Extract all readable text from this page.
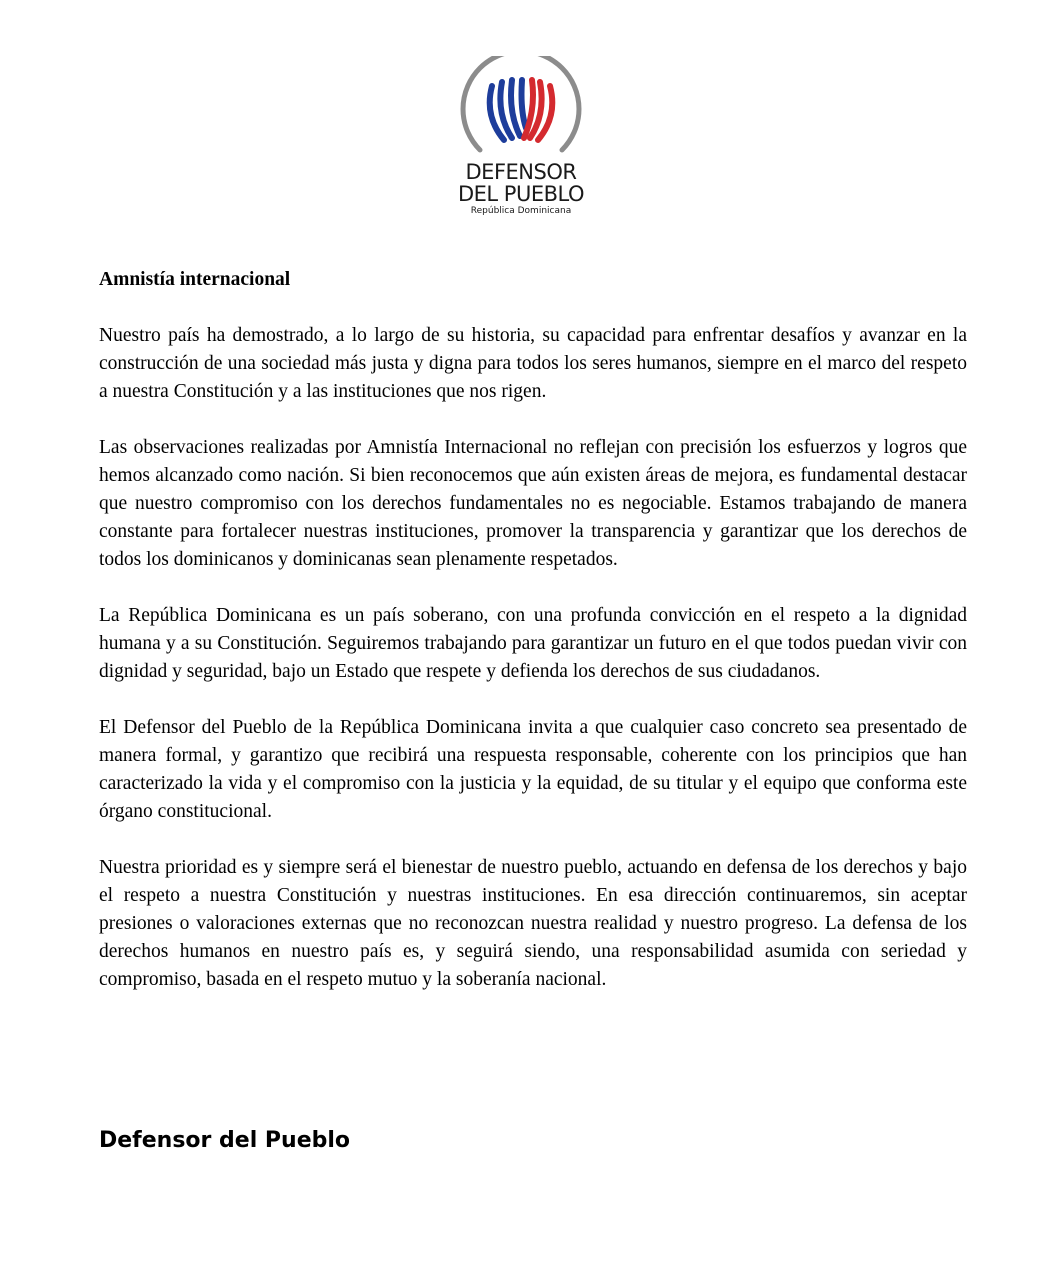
DEFENSOR
DEL PUEBLO
República Dominicana
Amnistía internacional
Nuestro país ha demostrado, a lo largo de su historia, su capacidad para enfrentar desafíos y avanzar en la construcción de una sociedad más justa y digna para todos los seres humanos, siempre en el marco del respeto a nuestra Constitución y a las instituciones que nos rigen.
Las observaciones realizadas por Amnistía Internacional no reflejan con precisión los esfuerzos y logros que hemos alcanzado como nación. Si bien reconocemos que aún existen áreas de mejora, es fundamental destacar que nuestro compromiso con los derechos fundamentales no es negociable. Estamos trabajando de manera constante para fortalecer nuestras instituciones, promover la transparencia y garantizar que los derechos de todos los dominicanos y dominicanas sean plenamente respetados.
La República Dominicana es un país soberano, con una profunda convicción en el respeto a la dignidad humana y a su Constitución. Seguiremos trabajando para garantizar un futuro en el que todos puedan vivir con dignidad y seguridad, bajo un Estado que respete y defienda los derechos de sus ciudadanos.
El Defensor del Pueblo de la República Dominicana invita a que cualquier caso concreto sea presentado de manera formal, y garantizo que recibirá una respuesta responsable, coherente con los principios que han caracterizado la vida y el compromiso con la justicia y la equidad, de su titular y el equipo que conforma este órgano constitucional.
Nuestra prioridad es y siempre será el bienestar de nuestro pueblo, actuando en defensa de los derechos y bajo el respeto a nuestra Constitución y nuestras instituciones. En esa dirección continuaremos, sin aceptar presiones o valoraciones externas que no reconozcan nuestra realidad y nuestro progreso. La defensa de los derechos humanos en nuestro país es, y seguirá siendo, una responsabilidad asumida con seriedad y compromiso, basada en el respeto mutuo y la soberanía nacional.
Defensor del Pueblo
